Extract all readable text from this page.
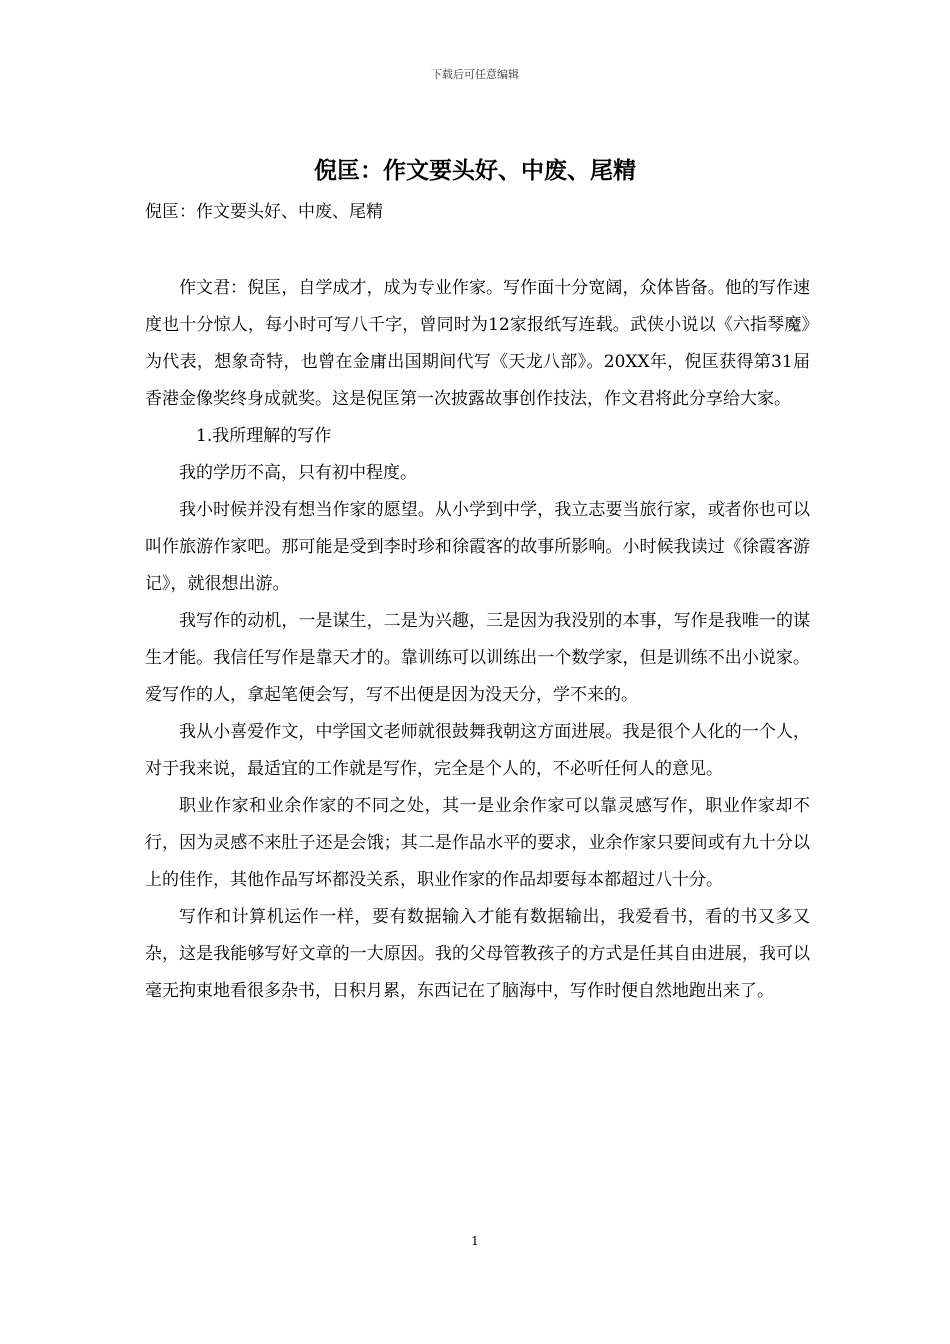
下载后可任意编辑
倪匡：作文要头好、中废、尾精

倪匡：作文要头好、中废、尾精

作文君：倪匡，自学成才，成为专业作家。写作面十分宽阔，众体皆备。他的写作速度也十分惊人，每小时可写八千字，曾同时为12家报纸写连载。武侠小说以《六指琴魔》为代表，想象奇特，也曾在金庸出国期间代写《天龙八部》。20XX年，倪匡获得第31届香港金像奖终身成就奖。这是倪匡第一次披露故事创作技法，作文君将此分享给大家。

1.我所理解的写作

我的学历不高，只有初中程度。

我小时候并没有想当作家的愿望。从小学到中学，我立志要当旅行家，或者你也可以叫作旅游作家吧。那可能是受到李时珍和徐霞客的故事所影响。小时候我读过《徐霞客游记》，就很想出游。

我写作的动机，一是谋生，二是为兴趣，三是因为我没别的本事，写作是我唯一的谋生才能。我信任写作是靠天才的。靠训练可以训练出一个数学家，但是训练不出小说家。爱写作的人，拿起笔便会写，写不出便是因为没天分，学不来的。

我从小喜爱作文，中学国文老师就很鼓舞我朝这方面进展。我是很个人化的一个人，对于我来说，最适宜的工作就是写作，完全是个人的，不必听任何人的意见。

职业作家和业余作家的不同之处，其一是业余作家可以靠灵感写作，职业作家却不行，因为灵感不来肚子还是会饿；其二是作品水平的要求，业余作家只要间或有九十分以上的佳作，其他作品写坏都没关系，职业作家的作品却要每本都超过八十分。

写作和计算机运作一样，要有数据输入才能有数据输出，我爱看书，看的书又多又杂，这是我能够写好文章的一大原因。我的父母管教孩子的方式是任其自由进展，我可以毫无拘束地看很多杂书，日积月累，东西记在了脑海中，写作时便自然地跑出来了。

1
